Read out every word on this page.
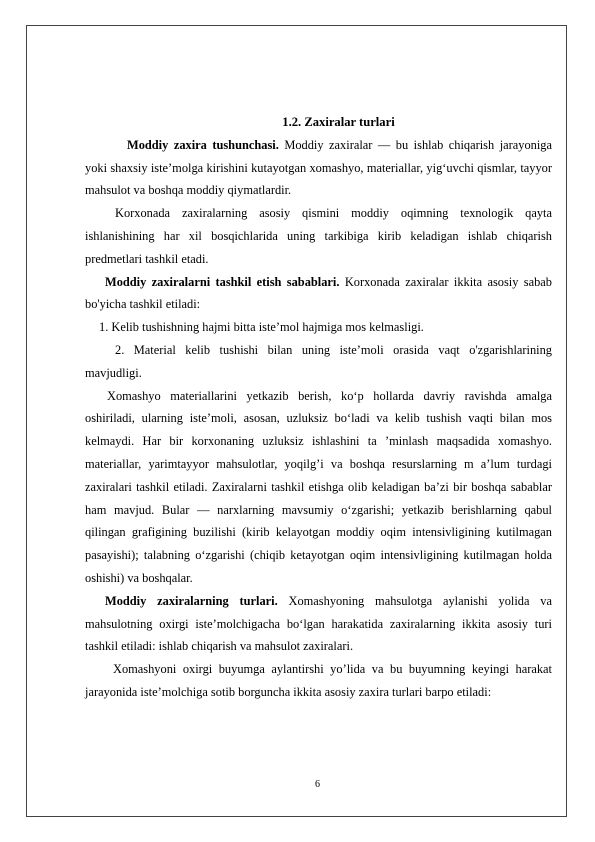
1.2. Zaxiralar turlari

Moddiy zaxira tushunchasi. Moddiy zaxiralar — bu ishlab chiqarish jarayoniga yoki shaxsiy iste’molga kirishini kutayotgan xomashyo, materiallar, yig‘uvchi qismlar, tayyor mahsulot va boshqa moddiy qiymatlardir.

Korxonada zaxiralarning asosiy qismini moddiy oqimning texnologik qayta ishlanishining har xil bosqichlarida uning tarkibiga kirib keladigan ishlab chiqarish predmetlari tashkil etadi.

Moddiy zaxiralarni tashkil etish sabablari. Korxonada zaxiralar ikkita asosiy sabab bo'yicha tashkil etiladi:

1. Kelib tushishning hajmi bitta iste’mol hajmiga mos kelmasligi.

2. Material kelib tushishi bilan uning iste’moli orasida vaqt o'zgarishlarining mavjudligi.

Xomashyo materiallarini yetkazib berish, ko‘p hollarda davriy ravishda amalga oshiriladi, ularning iste’moli, asosan, uzluksiz bo‘ladi va kelib tushish vaqti bilan mos kelmaydi. Har bir korxonaning uzluksiz ishlashini ta ’minlash maqsadida xomashyo. materiallar, yarimtayyor mahsulotlar, yoqilg’i va boshqa resurslarning m a’lum turdagi zaxiralari tashkil etiladi. Zaxiralarni tashkil etishga olib keladigan ba’zi bir boshqa sabablar ham mavjud. Bular — narxlarning mavsumiy o‘zgarishi; yetkazib berishlarning qabul qilingan grafigining buzilishi (kirib kelayotgan moddiy oqim intensivligining kutilmagan pasayishi); talabning o‘zgarishi (chiqib ketayotgan oqim intensivligining kutilmagan holda oshishi) va boshqalar.

Moddiy zaxiralarning turlari. Xomashyoning mahsulotga aylanishi yolida va mahsulotning oxirgi iste’molchigacha bo‘lgan harakatida zaxiralarning ikkita asosiy turi tashkil etiladi: ishlab chiqarish va mahsulot zaxiralari.

Xomashyoni oxirgi buyumga aylantirshi yo’lida va bu buyumning keyingi harakat jarayonida iste’molchiga sotib borguncha ikkita asosiy zaxira turlari barpo etiladi:

6
